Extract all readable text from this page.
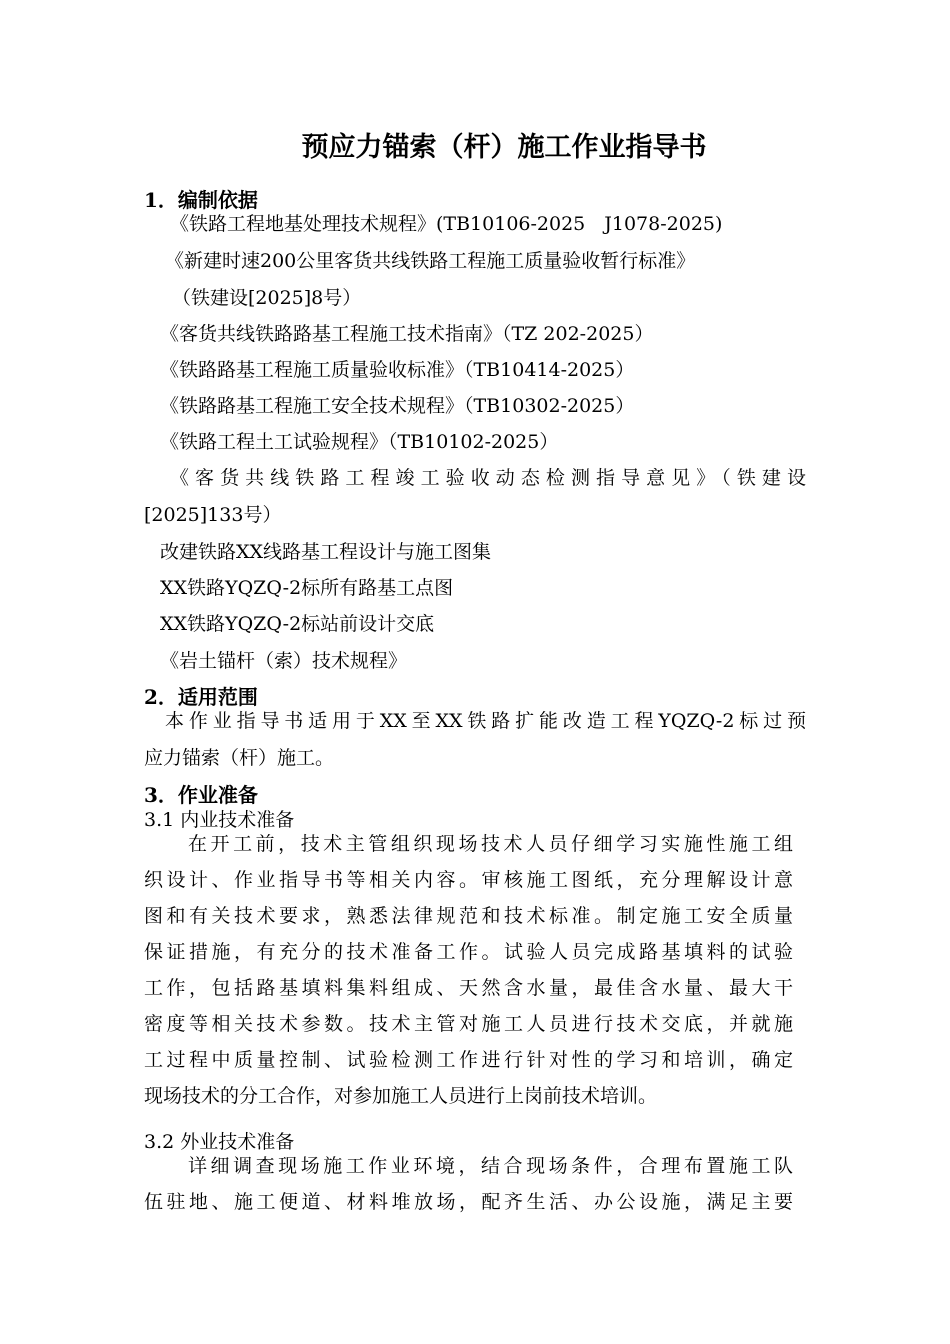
预应力锚索（杆）施工作业指导书
1．编制依据
《铁路工程地基处理技术规程》(TB10106-2025　J1078-2025)
《新建时速200公里客货共线铁路工程施工质量验收暂行标准》
（铁建设[2025]8号）
《客货共线铁路路基工程施工技术指南》（TZ 202-2025）
《铁路路基工程施工质量验收标准》（TB10414-2025）
《铁路路基工程施工安全技术规程》（TB10302-2025）
《铁路工程土工试验规程》（TB10102-2025）
《客货共线铁路工程竣工验收动态检测指导意见》（铁建设
[2025]133号）
改建铁路XX线路基工程设计与施工图集
XX铁路YQZQ-2标所有路基工点图
XX铁路YQZQ-2标站前设计交底
《岩土锚杆（索）技术规程》
2．适用范围
本作业指导书适用于XX至XX铁路扩能改造工程YQZQ-2标过预
应力锚索（杆）施工。
3．作业准备
3.1 内业技术准备
在开工前，技术主管组织现场技术人员仔细学习实施性施工组
织设计、作业指导书等相关内容。审核施工图纸，充分理解设计意
图和有关技术要求，熟悉法律规范和技术标准。制定施工安全质量
保证措施，有充分的技术准备工作。试验人员完成路基填料的试验
工作，包括路基填料集料组成、天然含水量，最佳含水量、最大干
密度等相关技术参数。技术主管对施工人员进行技术交底，并就施
工过程中质量控制、试验检测工作进行针对性的学习和培训，确定
现场技术的分工合作，对参加施工人员进行上岗前技术培训。
3.2 外业技术准备
详细调查现场施工作业环境，结合现场条件，合理布置施工队
伍驻地、施工便道、材料堆放场，配齐生活、办公设施，满足主要
